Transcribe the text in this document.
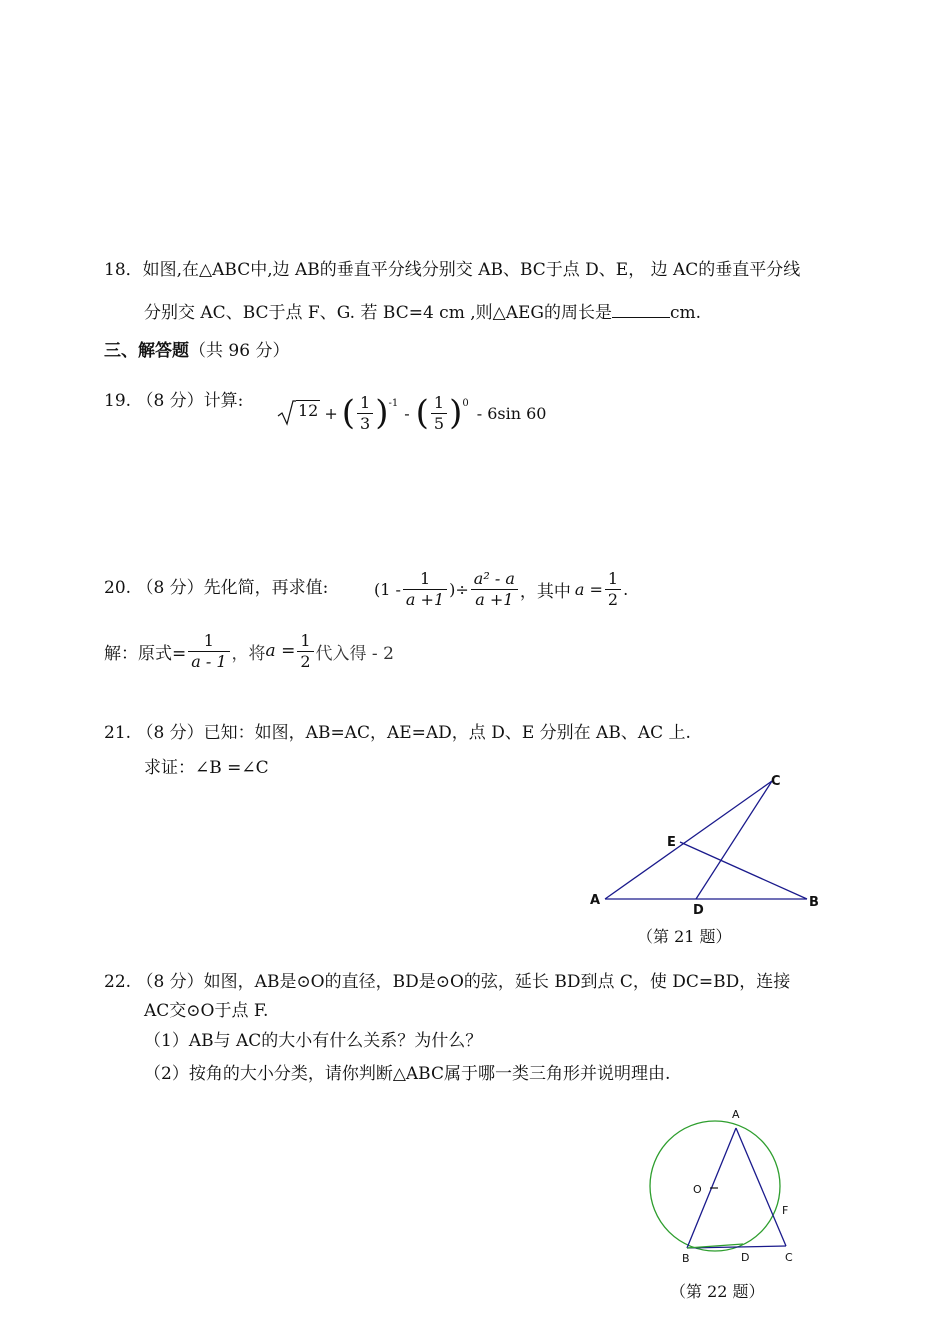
18．如图,在△ABC中,边 AB的垂直平分线分别交 AB、BC于点 D、E， 边 AC的垂直平分线
分别交 AC、BC于点 F、G. 若 BC=4 cm ,则△AEG的周长是	cm.
三、解答题（共 96 分）
19. （8 分）计算:	12 + ( $\frac{1}{3}$ ) -1
- ( $\frac{1}{5}$ ) 0
- 6sin 60
20. （8 分）先化简，再求值:	($1 - \frac{1}{a +1}$ )÷ $\frac{\text{a² - a}}{a +1}$ ，其中 $a = \frac{1}{2}$ .
解：原式= $\frac{1}{a - 1}$ ，将 $a = \frac{1}{2}$ 代入得 - 2
21. （8 分）已知：如图，AB=AC，AE=AD，点 D、E 分别在 AB、AC 上.
求证：∠B =∠C
A	B
C
D
E
（第 21 题）
22. （8 分）如图，AB是⊙O的直径，BD是⊙O的弦，延长 BD到点 C，使 DC=BD，连接
AC交⊙O于点 F.
（1）AB与 AC的大小有什么关系？为什么？
（2）按角的大小分类，请你判断△ABC属于哪一类三角形并说明理由.
A
O
F
B	D	C
（第 22 题）
